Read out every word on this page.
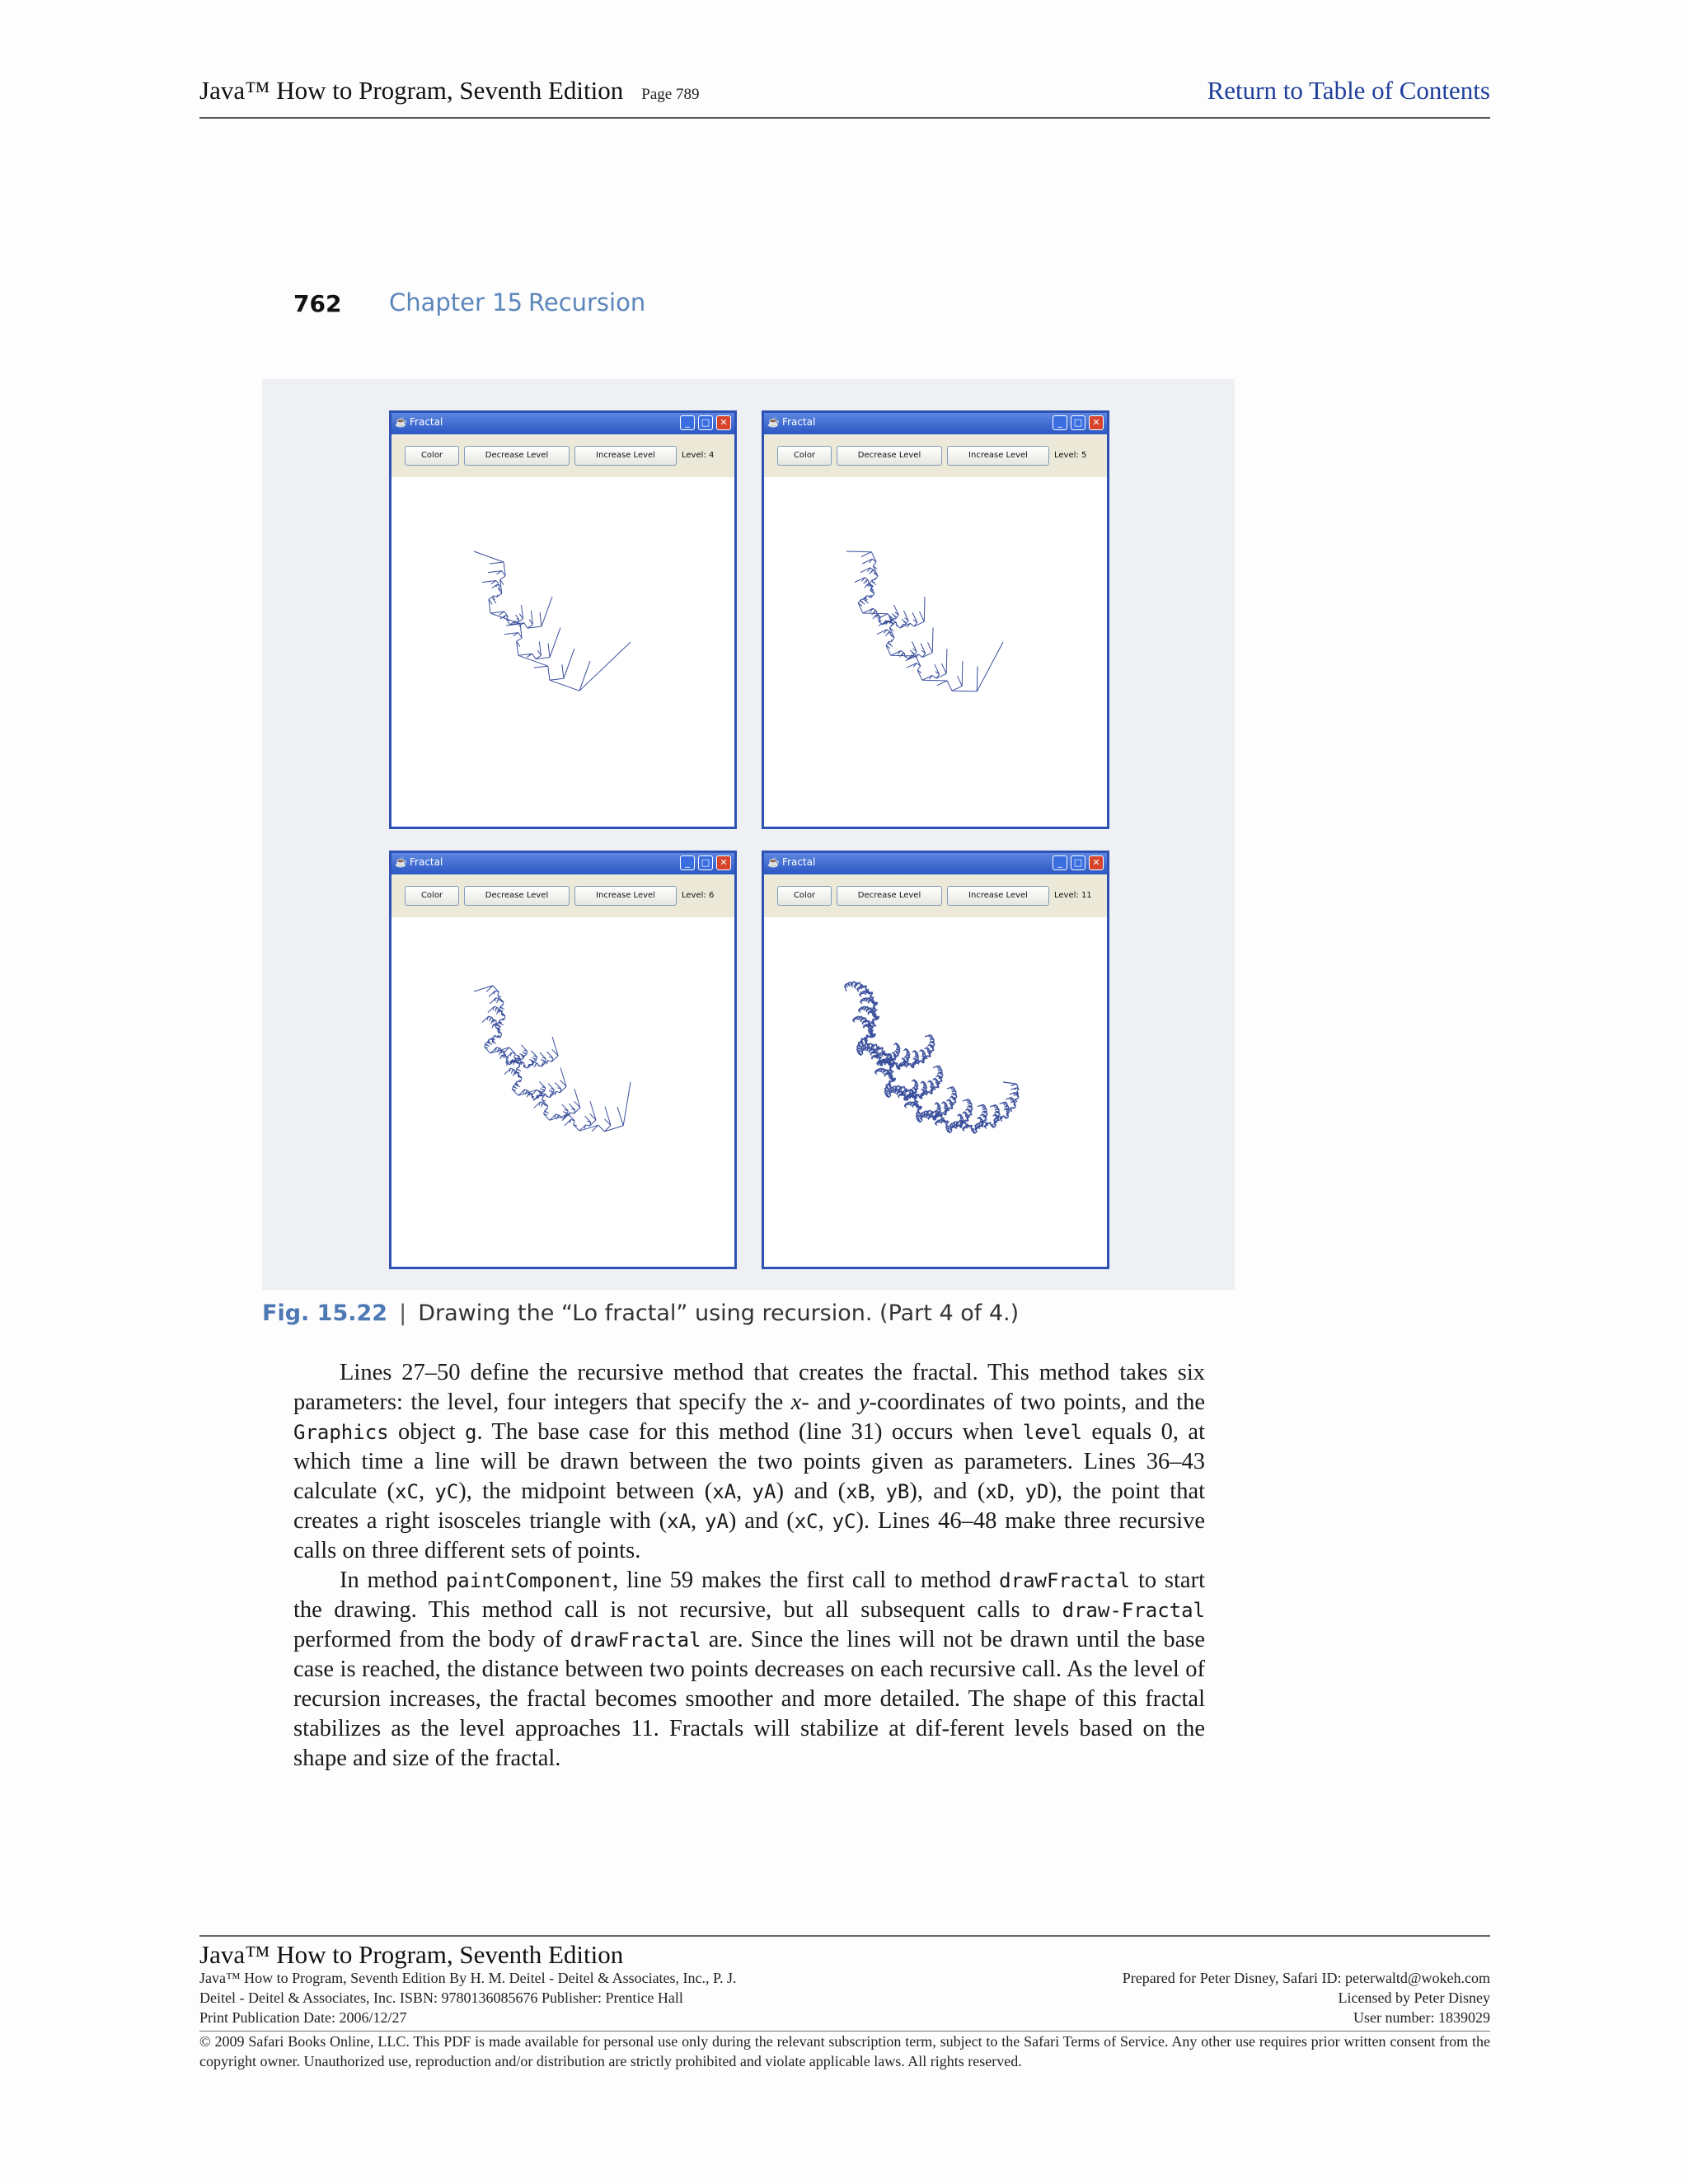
Java™ How to Program, Seventh Edition Page 789	Return to Table of Contents
762 Chapter 15 Recursion
☕ Fractal	_	□	✕
Color	Decrease Level	Increase Level	Level: 4
☕ Fractal	_	□	✕
Color	Decrease Level	Increase Level	Level: 5
☕ Fractal	_	□	✕
Color	Decrease Level	Increase Level	Level: 6
☕ Fractal	_	□	✕
Color	Decrease Level	Increase Level	Level: 11
Fig. 15.22 | Drawing the “Lo fractal” using recursion. (Part 4 of 4.)

Lines 27–50 define the recursive method that creates the fractal. This method takes six parameters: the level, four integers that specify the x- and y-coordinates of two points, and the Graphics object g. The base case for this method (line 31) occurs when level equals 0, at which time a line will be drawn between the two points given as parameters. Lines 36–43 calculate (xC, yC), the midpoint between (xA, yA) and (xB, yB), and (xD, yD), the point that creates a right isosceles triangle with (xA, yA) and (xC, yC). Lines 46–48 make three recursive calls on three different sets of points.

In method paintComponent, line 59 makes the first call to method drawFractal to start the drawing. This method call is not recursive, but all subsequent calls to draw-Fractal performed from the body of drawFractal are. Since the lines will not be drawn until the base case is reached, the distance between two points decreases on each recursive call. As the level of recursion increases, the fractal becomes smoother and more detailed. The shape of this fractal stabilizes as the level approaches 11. Fractals will stabilize at dif-ferent levels based on the shape and size of the fractal.

Java™ How to Program, Seventh Edition
Java™ How to Program, Seventh Edition By H. M. Deitel - Deitel & Associates, Inc., P. J.	Prepared for Peter Disney, Safari ID: peterwaltd@wokeh.com
Deitel - Deitel & Associates, Inc. ISBN: 9780136085676 Publisher: Prentice Hall	Licensed by Peter Disney
Print Publication Date: 2006/12/27	User number: 1839029
© 2009 Safari Books Online, LLC. This PDF is made available for personal use only during the relevant subscription term, subject to the Safari Terms of Service. Any other use requires prior written consent from the copyright owner. Unauthorized use, reproduction and/or distribution are strictly prohibited and violate applicable laws. All rights reserved.
